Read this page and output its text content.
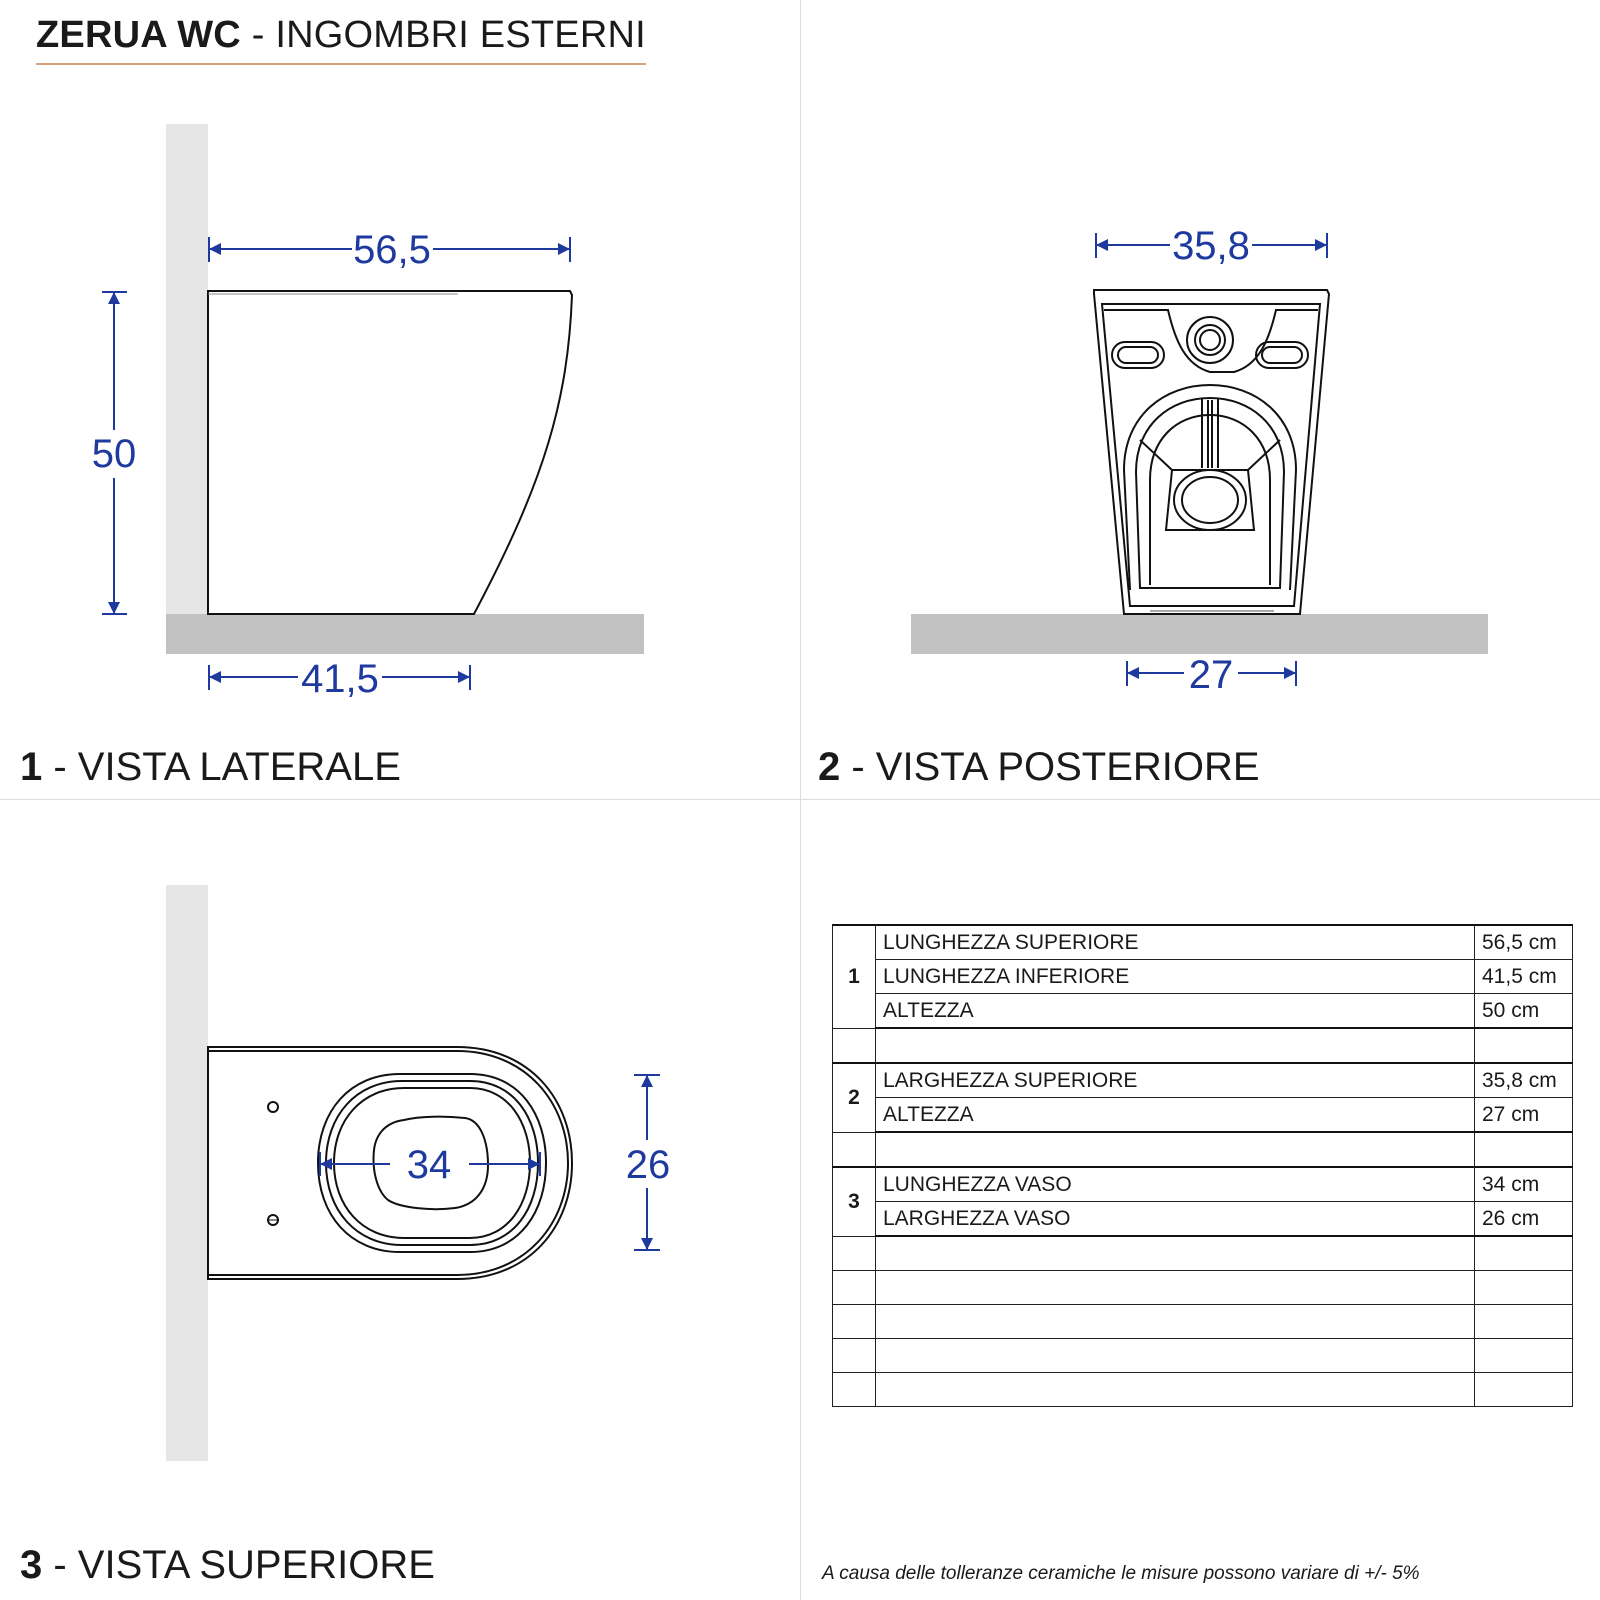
ZERUA WC - INGOMBRI ESTERNI
56,5
50
41,5
35,8
27
34	26
1 - VISTA LATERALE	2 - VISTA POSTERIORE
3 - VISTA SUPERIORE
1	LUNGHEZZA SUPERIORE	56,5 cm
	LUNGHEZZA INFERIORE	41,5 cm
	ALTEZZA	50 cm

2	LARGHEZZA SUPERIORE	35,8 cm
	ALTEZZA	27 cm

3	LUNGHEZZA VASO	34 cm
	LARGHEZZA VASO	26 cm

A causa delle tolleranze ceramiche le misure possono variare di +/- 5%
